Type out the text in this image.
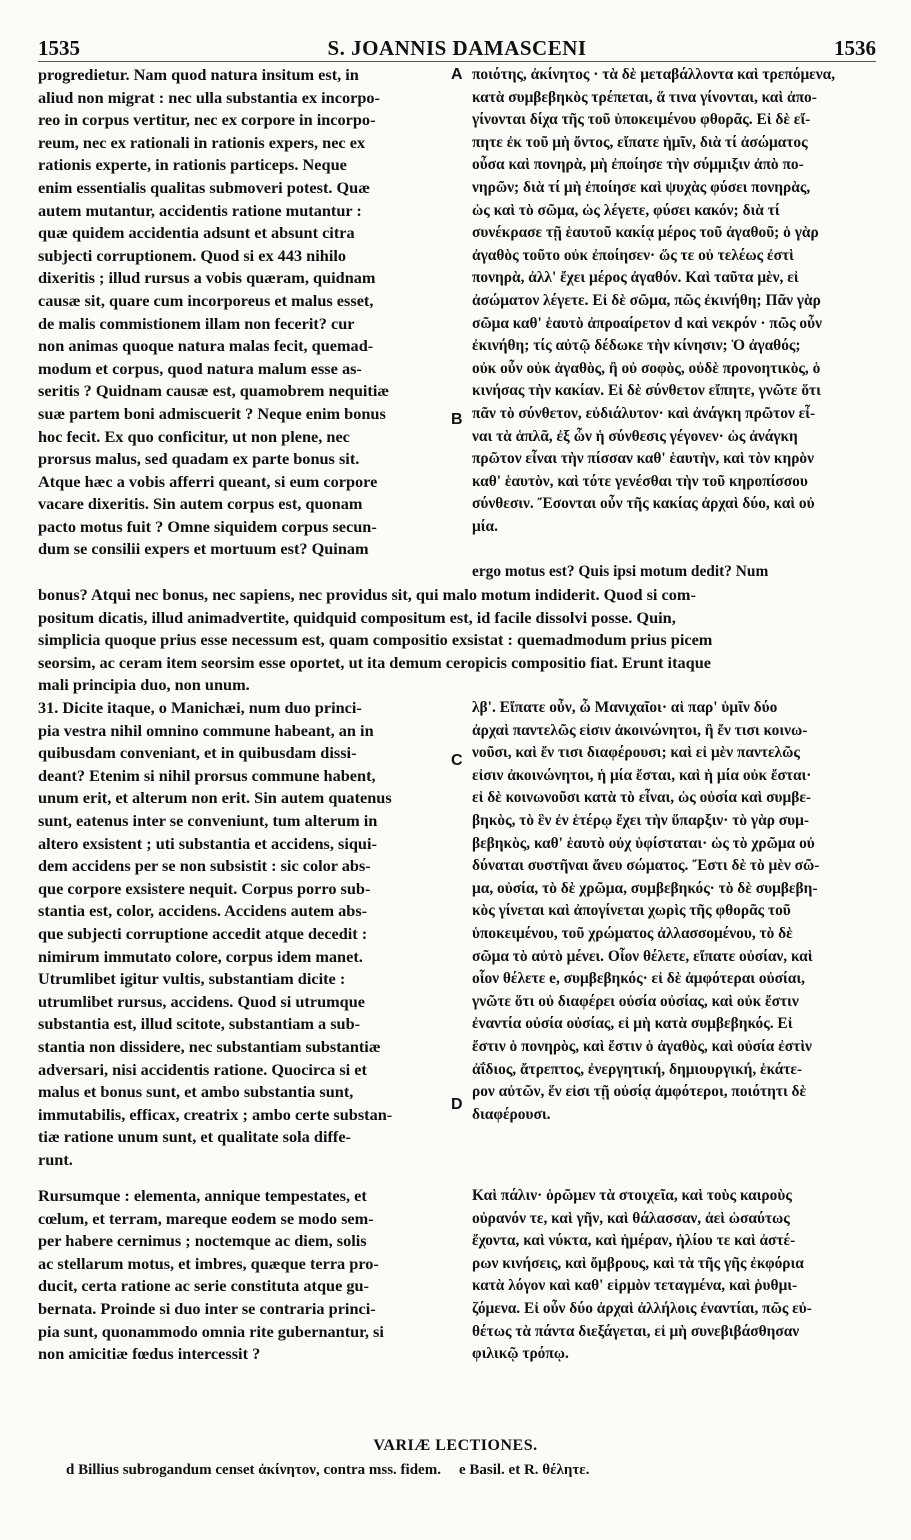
1535	S. JOANNIS DAMASCENI	1536
progredietur. Nam quod natura insitum est, in
aliud non migrat : nec ulla substantia ex incorpo-
reo in corpus vertitur, nec ex corpore in incorpo-
reum, nec ex rationali in rationis expers, nec ex
rationis experte, in rationis particeps. Neque
enim essentialis qualitas submoveri potest. Quæ
autem mutantur, accidentis ratione mutantur :
quæ quidem accidentia adsunt et absunt citra
subjecti corruptionem. Quod si ex 443 nihilo
dixeritis ; illud rursus a vobis quæram, quidnam
causæ sit, quare cum incorporeus et malus esset,
de malis commistionem illam non fecerit? cur
non animas quoque natura malas fecit, quemad-
modum et corpus, quod natura malum esse as-
seritis ? Quidnam causæ est, quamobrem nequitiæ
suæ partem boni admiscuerit ? Neque enim bonus
hoc fecit. Ex quo conficitur, ut non plene, nec
prorsus malus, sed quadam ex parte bonus sit.
Atque hæc a vobis afferri queant, si eum corpore
vacare dixeritis. Sin autem corpus est, quonam
pacto motus fuit ? Omne siquidem corpus secun-
dum se consilii expers et mortuum est? Quinam
ποιότης, ἀκίνητος · τὰ δὲ μεταβάλλοντα καὶ τρεπόμενα,
κατὰ συμβεβηκὸς τρέπεται, ἅ τινα γίνονται, καὶ ἀπο-
γίνονται δίχα τῆς τοῦ ὑποκειμένου φθορᾶς. Εἰ δὲ εἴ-
πητε ἐκ τοῦ μὴ ὄντος, εἴπατε ἡμῖν, διὰ τί ἀσώματος
οὖσα καὶ πονηρὰ, μὴ ἐποίησε τὴν σύμμιξιν ἀπὸ πο-
νηρῶν; διὰ τί μὴ ἐποίησε καὶ ψυχὰς φύσει πονηρὰς,
ὡς καὶ τὸ σῶμα, ὡς λέγετε, φύσει κακόν; διὰ τί
συνέκρασε τῇ ἑαυτοῦ κακίᾳ μέρος τοῦ ἀγαθοῦ; ὁ γὰρ
ἀγαθὸς τοῦτο οὐκ ἐποίησεν· ὥς τε οὐ τελέως ἐστὶ
πονηρὰ, ἀλλ' ἔχει μέρος ἀγαθόν. Καὶ ταῦτα μὲν, εἰ
ἀσώματον λέγετε. Εἰ δὲ σῶμα, πῶς ἐκινήθη; Πᾶν γὰρ
σῶμα καθ' ἑαυτὸ ἀπροαίρετον d καὶ νεκρόν · πῶς οὖν
ἐκινήθη; τίς αὐτῷ δέδωκε τὴν κίνησιν; Ὁ ἀγαθός;
οὐκ οὖν οὐκ ἀγαθὸς, ἢ οὐ σοφὸς, οὐδὲ προνοητικὸς, ὁ
κινήσας τὴν κακίαν. Εἰ δὲ σύνθετον εἴπητε, γνῶτε ὅτι
πᾶν τὸ σύνθετον, εὐδιάλυτον· καὶ ἀνάγκη πρῶτον εἶ-
ναι τὰ ἁπλᾶ, ἐξ ὧν ἡ σύνθεσις γέγονεν· ὡς ἀνάγκη
πρῶτον εἶναι τὴν πίσσαν καθ' ἑαυτὴν, καὶ τὸν κηρὸν
καθ' ἑαυτὸν, καὶ τότε γενέσθαι τὴν τοῦ κηροπίσσου
σύνθεσιν. Ἔσονται οὖν τῆς κακίας ἀρχαὶ δύο, καὶ οὐ
μία.
ergo motus est? Quis ipsi motum dedit? Num
bonus? Atqui nec bonus, nec sapiens, nec providus sit, qui malo motum indiderit. Quod si com-
positum dicatis, illud animadvertite, quidquid compositum est, id facile dissolvi posse. Quin,
simplicia quoque prius esse necessum est, quam compositio exsistat : quemadmodum prius picem
seorsim, ac ceram item seorsim esse oportet, ut ita demum ceropicis compositio fiat. Erunt itaque
mali principia duo, non unum.
31. Dicite itaque, o Manichæi, num duo princi-
pia vestra nihil omnino commune habeant, an in
quibusdam conveniant, et in quibusdam dissi-
deant? Etenim si nihil prorsus commune habent,
unum erit, et alterum non erit. Sin autem quatenus
sunt, eatenus inter se conveniunt, tum alterum in
altero exsistent ; uti substantia et accidens, siqui-
dem accidens per se non subsistit : sic color abs-
que corpore exsistere nequit. Corpus porro sub-
stantia est, color, accidens. Accidens autem abs-
que subjecti corruptione accedit atque decedit :
nimirum immutato colore, corpus idem manet.
Utrumlibet igitur vultis, substantiam dicite :
utrumlibet rursus, accidens. Quod si utrumque
substantia est, illud scitote, substantiam a sub-
stantia non dissidere, nec substantiam substantiæ
adversari, nisi accidentis ratione. Quocirca si et
malus et bonus sunt, et ambo substantia sunt,
immutabilis, efficax, creatrix ; ambo certe substan-
tiæ ratione unum sunt, et qualitate sola diffe-
runt.
λβ'. Εἴπατε οὖν, ὦ Μανιχαῖοι· αἱ παρ' ὑμῖν δύο
ἀρχαὶ παντελῶς εἰσιν ἀκοινώνητοι, ἢ ἔν τισι κοινω-
νοῦσι, καὶ ἔν τισι διαφέρουσι; καὶ εἰ μὲν παντελῶς
εἰσιν ἀκοινώνητοι, ἡ μία ἔσται, καὶ ἡ μία οὐκ ἔσται·
εἰ δὲ κοινωνοῦσι κατὰ τὸ εἶναι, ὡς οὐσία καὶ συμβε-
βηκὸς, τὸ ἓν ἐν ἑτέρῳ ἔχει τὴν ὕπαρξιν· τὸ γὰρ συμ-
βεβηκὸς, καθ' ἑαυτὸ οὐχ ὑφίσταται· ὡς τὸ χρῶμα οὐ
δύναται συστῆναι ἄνευ σώματος. Ἔστι δὲ τὸ μὲν σῶ-
μα, οὐσία, τὸ δὲ χρῶμα, συμβεβηκός· τὸ δὲ συμβεβη-
κὸς γίνεται καὶ ἀπογίνεται χωρὶς τῆς φθορᾶς τοῦ
ὑποκειμένου, τοῦ χρώματος ἀλλασσομένου, τὸ δὲ
σῶμα τὸ αὐτὸ μένει. Οἷον θέλετε, εἴπατε οὐσίαν, καὶ
οἷον θέλετε e, συμβεβηκός· εἰ δὲ ἀμφότεραι οὐσίαι,
γνῶτε ὅτι οὐ διαφέρει οὐσία οὐσίας, καὶ οὐκ ἔστιν
ἐναντία οὐσία οὐσίας, εἰ μὴ κατὰ συμβεβηκός. Εἰ
ἔστιν ὁ πονηρὸς, καὶ ἔστιν ὁ ἀγαθὸς, καὶ οὐσία ἐστὶν
ἀΐδιος, ἄτρεπτος, ἐνεργητική, δημιουργική, ἑκάτε-
ρον αὐτῶν, ἕν εἰσι τῇ οὐσίᾳ ἀμφότεροι, ποιότητι δὲ
διαφέρουσι.
Rursumque : elementa, annique tempestates, et
cœlum, et terram, mareque eodem se modo sem-
per habere cernimus ; noctemque ac diem, solis
ac stellarum motus, et imbres, quæque terra pro-
ducit, certa ratione ac serie constituta atque gu-
bernata. Proinde si duo inter se contraria princi-
pia sunt, quonammodo omnia rite gubernantur, si
non amicitiæ fœdus intercessit ?
Καὶ πάλιν· ὁρῶμεν τὰ στοιχεῖα, καὶ τοὺς καιροὺς
οὐρανόν τε, καὶ γῆν, καὶ θάλασσαν, ἀεὶ ὡσαύτως
ἔχοντα, καὶ νύκτα, καὶ ἡμέραν, ἡλίου τε καὶ ἀστέ-
ρων κινήσεις, καὶ ὄμβρους, καὶ τὰ τῆς γῆς ἐκφόρια
κατὰ λόγον καὶ καθ' εἱρμὸν τεταγμένα, καὶ ῥυθμι-
ζόμενα. Εἰ οὖν δύο ἀρχαὶ ἀλλήλοις ἐναντίαι, πῶς εὐ-
θέτως τὰ πάντα διεξάγεται, εἰ μὴ συνεβιβάσθησαν
φιλικῷ τρόπῳ.
A
B
C
D
VARIÆ LECTIONES.
d Billius subrogandum censet ἀκίνητον, contra mss. fidem. e Basil. et R. θέλητε.
